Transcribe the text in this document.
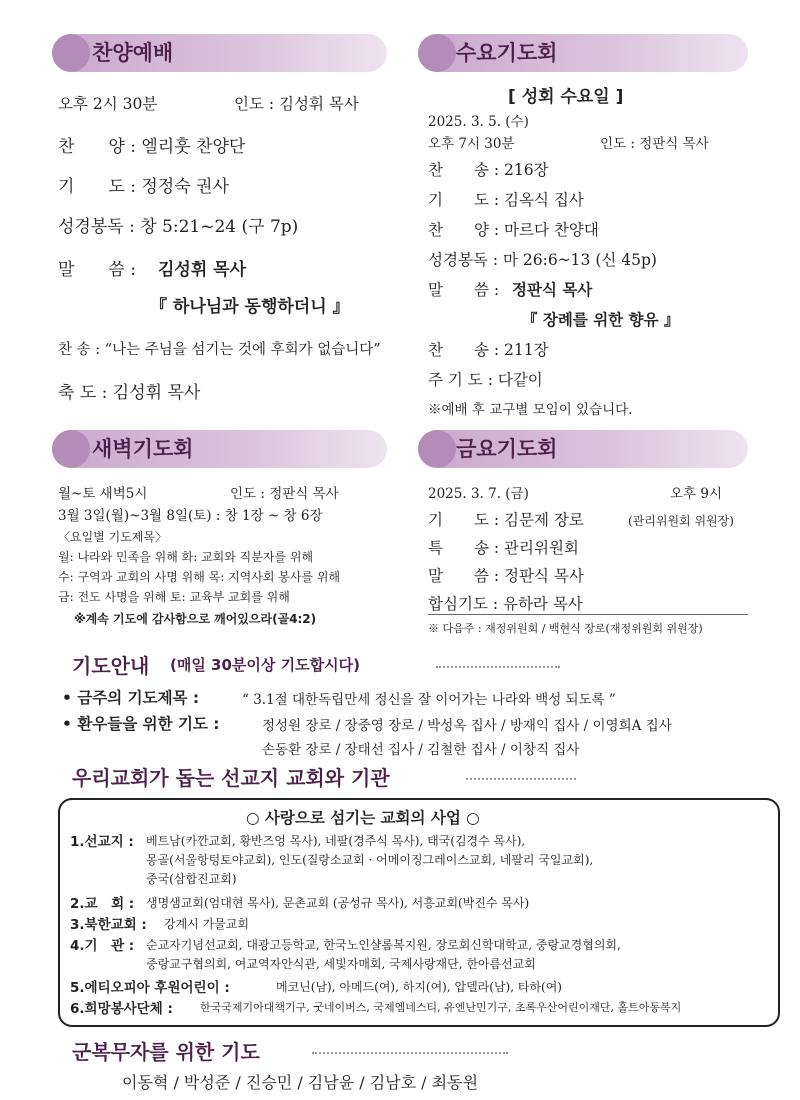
찬양예배
오후 2시 30분	인도 : 김성휘 목사
찬　　양 : 엘리훗 찬양단
기　　도 : 정정숙 권사
성경봉독 : 창 5:21~24 (구 7p)
말　　씀 : 김성휘 목사
『 하나님과 동행하더니 』
찬 송 : “나는 주님을 섬기는 것에 후회가 없습니다”
축 도 : 김성휘 목사
수요기도회
[ 성회 수요일 ]
2025. 3. 5. (수)
오후 7시 30분	인도 : 정판식 목사
찬　　송 : 216장
기　　도 : 김옥식 집사
찬　　양 : 마르다 찬양대
성경봉독 : 마 26:6~13 (신 45p)
말　　씀 : 정판식 목사
『 장례를 위한 향유 』
찬　　송 : 211장
주 기 도 : 다같이
※예배 후 교구별 모임이 있습니다.
새벽기도회
월~토 새벽5시	인도 : 정판식 목사
3월 3일(월)~3월 8일(토) : 창 1장 ~ 창 6장
〈요일별 기도제목〉
월: 나라와 민족을 위해 화: 교회와 직분자를 위해
수: 구역과 교회의 사명 위해 목: 지역사회 봉사를 위해
금: 전도 사명을 위해 토: 교육부 교회를 위해
※계속 기도에 감사함으로 깨어있으라(골4:2)
금요기도회
2025. 3. 7. (금)	오후 9시
기　　도 : 김문제 장로	(관리위원회 위원장)
특　　송 : 관리위원회
말　　씀 : 정판식 목사
합심기도 : 유하라 목사
※ 다음주 : 재정위원회 / 백현식 장로(재정위원회 위원장)
기도안내 (매일 30분이상 기도합시다)
• 금주의 기도제목 :	“ 3.1절 대한독립만세 정신을 잘 이어가는 나라와 백성 되도록 ”
• 환우들을 위한 기도 :	정성원 장로 / 장중영 장로 / 박성옥 집사 / 방재익 집사 / 이영희A 집사
손동환 장로 / 장태선 집사 / 김철한 집사 / 이창직 집사
우리교회가 돕는 선교지 교회와 기관
○ 사랑으로 섬기는 교회의 사업 ○
1.선교지 : 베트남(카깐교회, 황반즈엉 목사), 네팔(경주식 목사), 태국(김경수 목사),
몽골(서울항텅토야교회), 인도(질랑소교회 · 어메이징그레이스교회, 네팔리 국일교회),
중국(삼합진교회)
2.교　회 : 생명샘교회(엄대현 목사), 문촌교회 (공성규 목사), 서흥교회(박진수 목사)
3.북한교회 : 강계시 가물교회
4.기　관 : 순교자기념선교회, 대광고등학교, 한국노인샬롬복지원, 장로회신학대학교, 중랑교경협의회,
중랑교구협의회, 여교역자안식관, 세빛자매회, 국제사랑재단, 한아름선교회
5.에티오피아 후원어린이 :	메코닌(남), 아메드(여), 하지(여), 압델라(남), 타하(여)
6.희망봉사단체 : 한국국제기아대책기구, 굿네이버스, 국제엠네스티, 유엔난민기구, 초록우산어린이재단, 홀트아동복지
군복무자를 위한 기도
이동혁 / 박성준 / 진승민 / 김남윤 / 김남호 / 최동원
